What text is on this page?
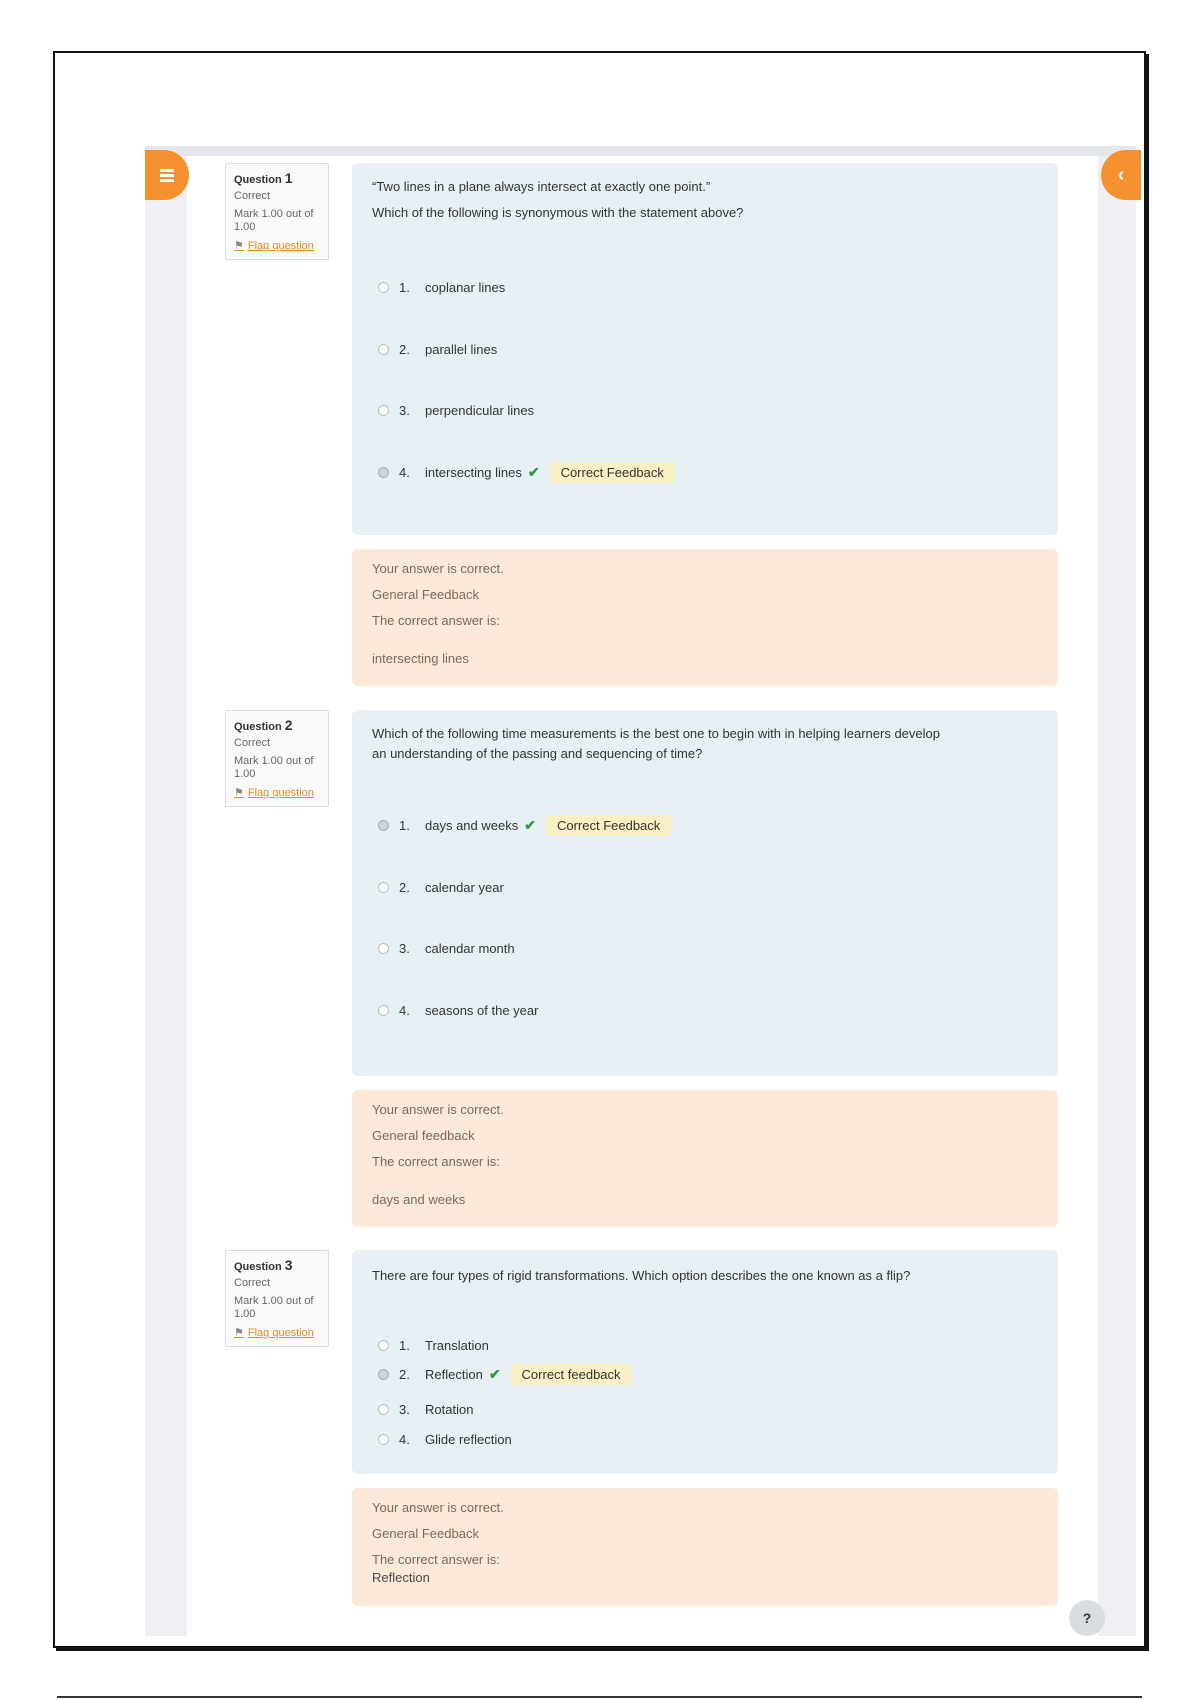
‹
Question 1
Correct
Mark 1.00 out of 1.00
⚑ Flag question
“Two lines in a plane always intersect at exactly one point.”
Which of the following is synonymous with the statement above?
1.	coplanar lines
2.	parallel lines
3.	perpendicular lines
4.	intersecting lines ✔	Correct Feedback
Your answer is correct.
General Feedback
The correct answer is:
intersecting lines
Question 2
Correct
Mark 1.00 out of 1.00
⚑ Flag question
Which of the following time measurements is the best one to begin with in helping learners develop
an understanding of the passing and sequencing of time?
1.	days and weeks ✔	Correct Feedback
2.	calendar year
3.	calendar month
4.	seasons of the year
Your answer is correct.
General feedback
The correct answer is:
days and weeks
Question 3
Correct
Mark 1.00 out of 1.00
⚑ Flag question
There are four types of rigid transformations. Which option describes the one known as a flip?
1.	Translation
2.	Reflection ✔	Correct feedback
3.	Rotation
4.	Glide reflection
Your answer is correct.
General Feedback
The correct answer is:
Reflection
?
